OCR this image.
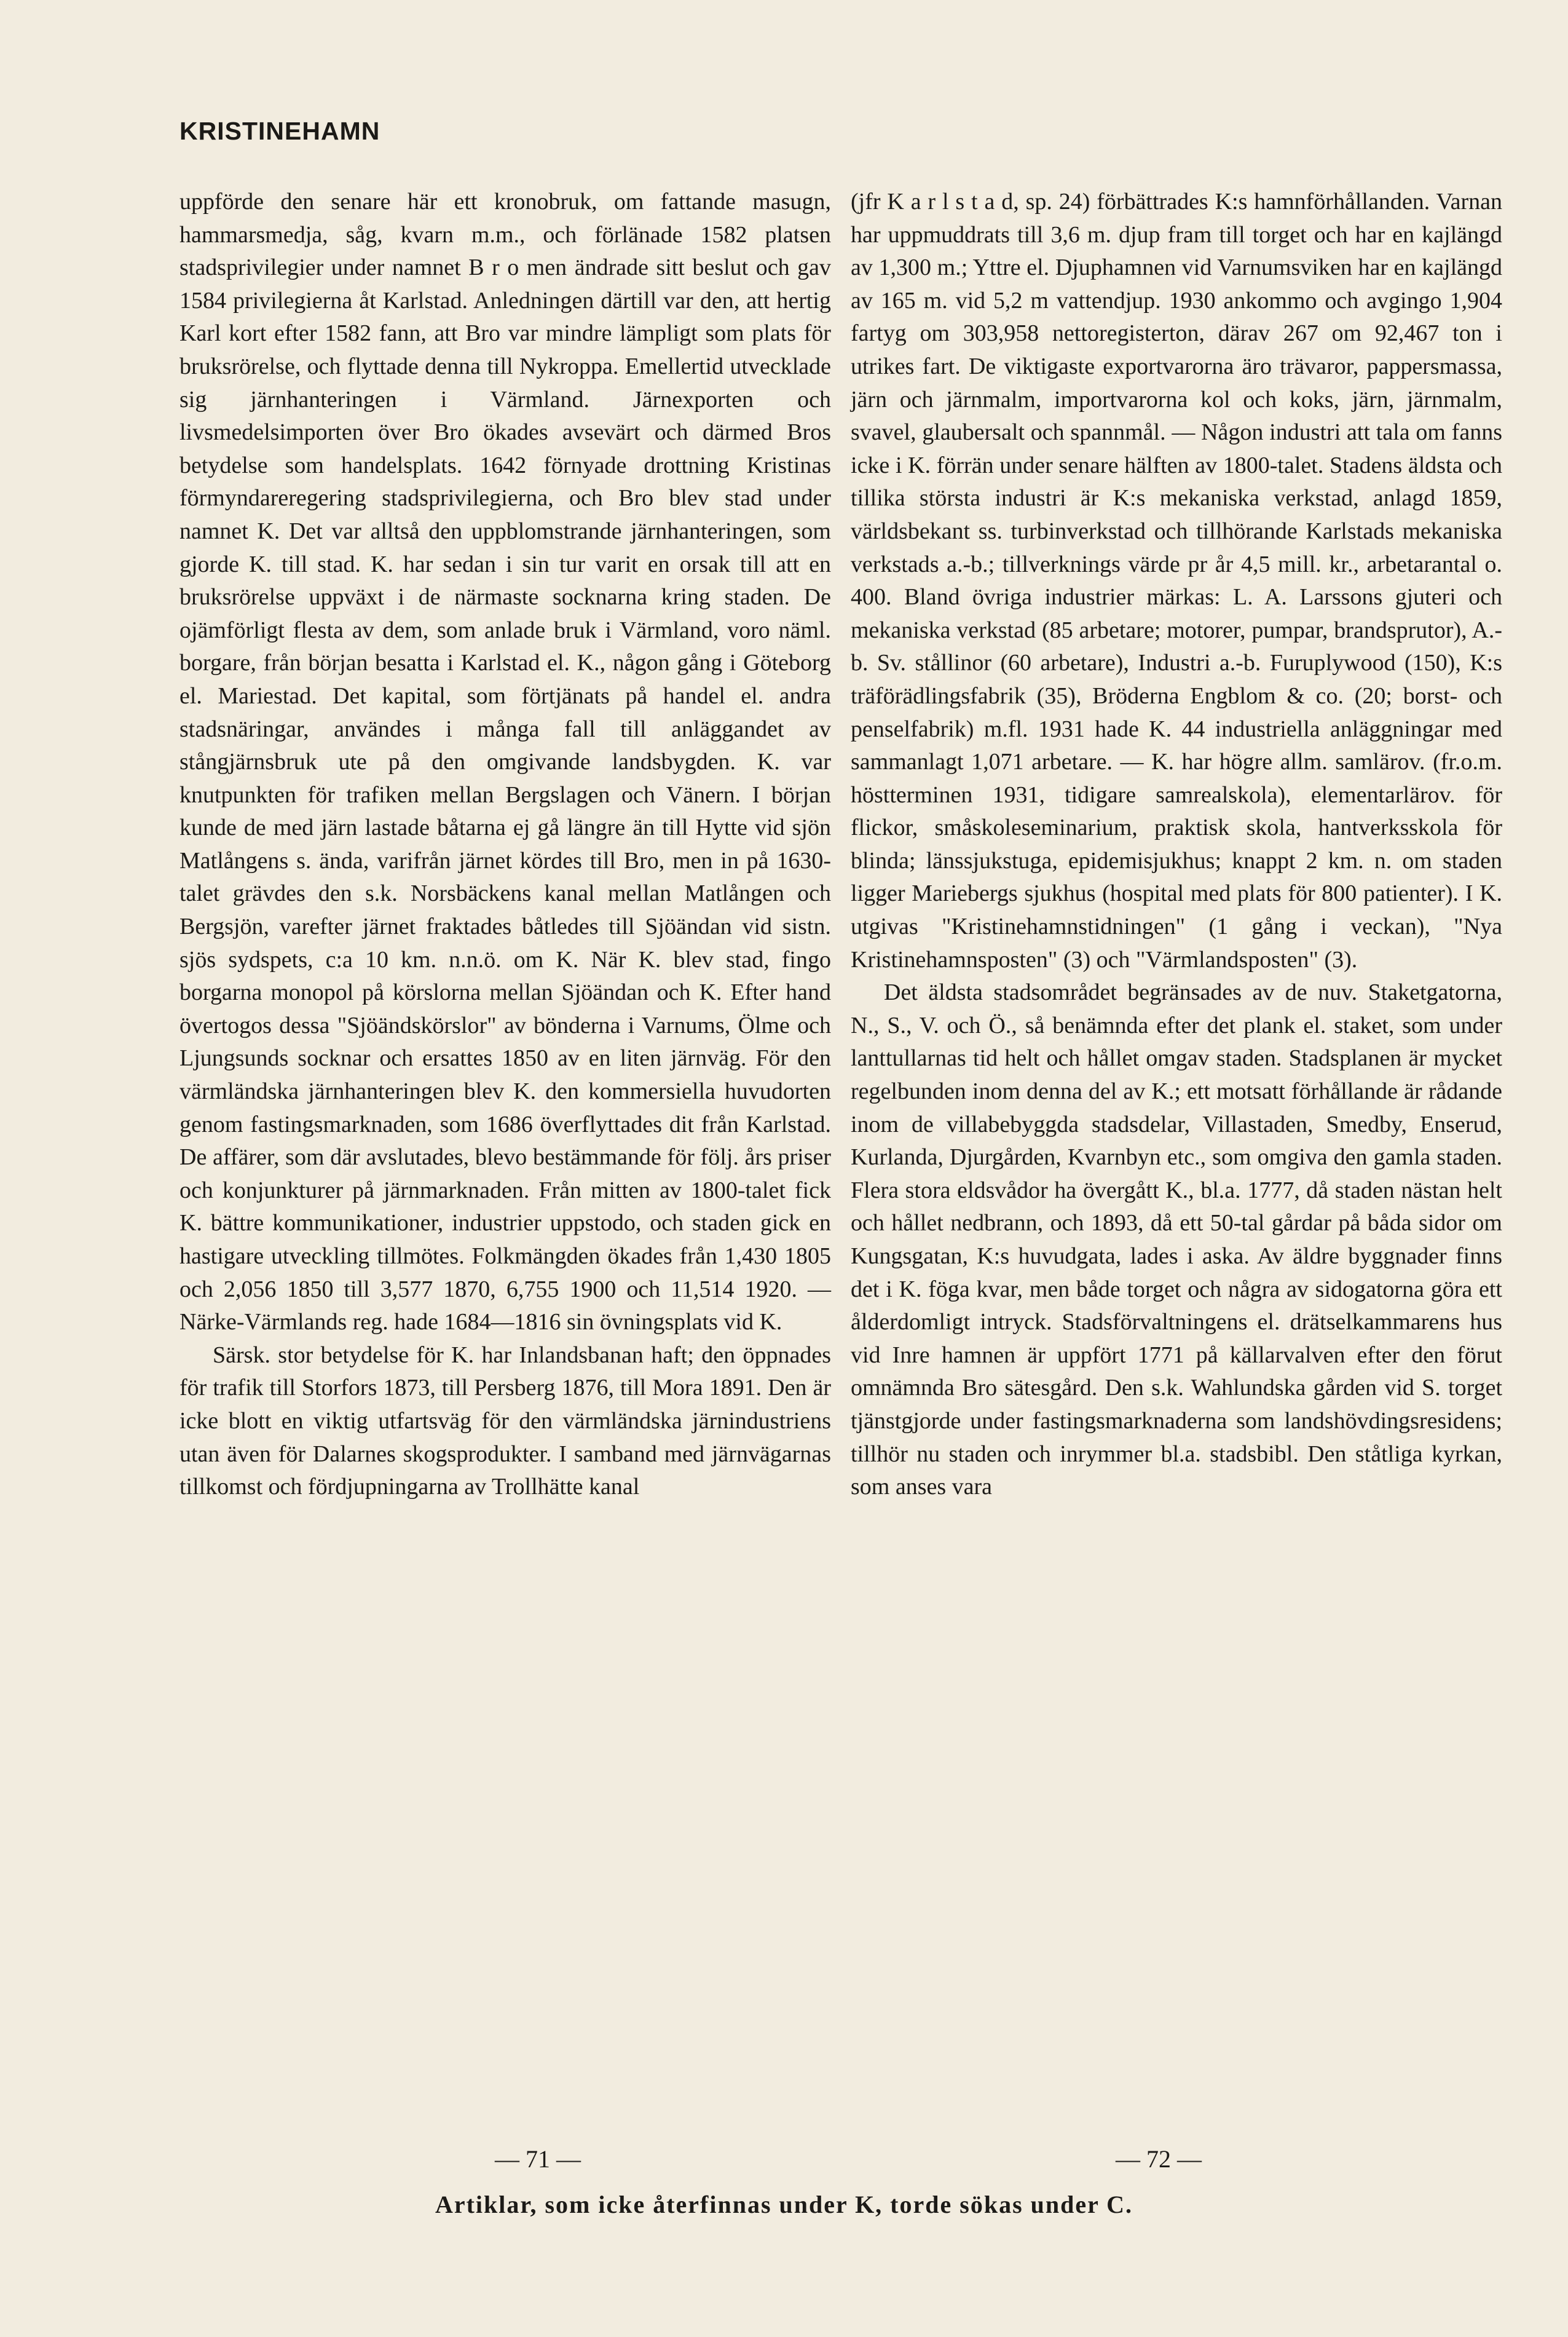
KRISTINEHAMN

uppförde den senare här ett kronobruk, om fattande masugn, hammarsmedja, såg, kvarn m.m., och förlänade 1582 platsen stadsprivilegier under namnet B r o men ändrade sitt beslut och gav 1584 privilegierna åt Karlstad. Anledningen därtill var den, att hertig Karl kort efter 1582 fann, att Bro var mindre lämpligt som plats för bruksrörelse, och flyttade denna till Nykroppa. Emellertid utvecklade sig järnhanteringen i Värmland. Järnexporten och livsmedelsimporten över Bro ökades avsevärt och därmed Bros betydelse som handelsplats. 1642 förnyade drottning Kristinas förmyndareregering stadsprivilegierna, och Bro blev stad under namnet K. Det var alltså den uppblomstrande järnhanteringen, som gjorde K. till stad. K. har sedan i sin tur varit en orsak till att en bruksrörelse uppväxt i de närmaste socknarna kring staden. De ojämförligt flesta av dem, som anlade bruk i Värmland, voro näml. borgare, från början besatta i Karlstad el. K., någon gång i Göteborg el. Mariestad. Det kapital, som förtjänats på handel el. andra stadsnäringar, användes i många fall till anläggandet av stångjärnsbruk ute på den omgivande landsbygden. K. var knutpunkten för trafiken mellan Bergslagen och Vänern. I början kunde de med järn lastade båtarna ej gå längre än till Hytte vid sjön Matlångens s. ända, varifrån järnet kördes till Bro, men in på 1630-talet grävdes den s.k. Norsbäckens kanal mellan Matlången och Bergsjön, varefter järnet fraktades båtledes till Sjöändan vid sistn. sjös sydspets, c:a 10 km. n.n.ö. om K. När K. blev stad, fingo borgarna monopol på körslorna mellan Sjöändan och K. Efter hand övertogos dessa "Sjöändskörslor" av bönderna i Varnums, Ölme och Ljungsunds socknar och ersattes 1850 av en liten järnväg. För den värmländska järnhanteringen blev K. den kommersiella huvudorten genom fastingsmarknaden, som 1686 överflyttades dit från Karlstad. De affärer, som där avslutades, blevo bestämmande för följ. års priser och konjunkturer på järnmarknaden. Från mitten av 1800-talet fick K. bättre kommunikationer, industrier uppstodo, och staden gick en hastigare utveckling tillmötes. Folkmängden ökades från 1,430 1805 och 2,056 1850 till 3,577 1870, 6,755 1900 och 11,514 1920. — Närke-Värmlands reg. hade 1684—1816 sin övningsplats vid K.

Särsk. stor betydelse för K. har Inlandsbanan haft; den öppnades för trafik till Storfors 1873, till Persberg 1876, till Mora 1891. Den är icke blott en viktig utfartsväg för den värmländska järnindustriens utan även för Dalarnes skogsprodukter. I samband med järnvägarnas tillkomst och fördjupningarna av Trollhätte kanal

(jfr K a r l s t a d, sp. 24) förbättrades K:s hamnförhållanden. Varnan har uppmuddrats till 3,6 m. djup fram till torget och har en kajlängd av 1,300 m.; Yttre el. Djuphamnen vid Varnumsviken har en kajlängd av 165 m. vid 5,2 m vattendjup. 1930 ankommo och avgingo 1,904 fartyg om 303,958 nettoregisterton, därav 267 om 92,467 ton i utrikes fart. De viktigaste exportvarorna äro trävaror, pappersmassa, järn och järnmalm, importvarorna kol och koks, järn, järnmalm, svavel, glaubersalt och spannmål. — Någon industri att tala om fanns icke i K. förrän under senare hälften av 1800-talet. Stadens äldsta och tillika största industri är K:s mekaniska verkstad, anlagd 1859, världsbekant ss. turbinverkstad och tillhörande Karlstads mekaniska verkstads a.-b.; tillverknings värde pr år 4,5 mill. kr., arbetarantal o. 400. Bland övriga industrier märkas: L. A. Larssons gjuteri och mekaniska verkstad (85 arbetare; motorer, pumpar, brandsprutor), A.-b. Sv. stållinor (60 arbetare), Industri a.-b. Furuplywood (150), K:s träförädlingsfabrik (35), Bröderna Engblom & co. (20; borst- och penselfabrik) m.fl. 1931 hade K. 44 industriella anläggningar med sammanlagt 1,071 arbetare. — K. har högre allm. samlärov. (fr.o.m. höstterminen 1931, tidigare samrealskola), elementarlärov. för flickor, småskoleseminarium, praktisk skola, hantverksskola för blinda; länssjukstuga, epidemisjukhus; knappt 2 km. n. om staden ligger Mariebergs sjukhus (hospital med plats för 800 patienter). I K. utgivas "Kristinehamnstidningen" (1 gång i veckan), "Nya Kristinehamnsposten" (3) och "Värmlandsposten" (3).

Det äldsta stadsområdet begränsades av de nuv. Staketgatorna, N., S., V. och Ö., så benämnda efter det plank el. staket, som under lanttullarnas tid helt och hållet omgav staden. Stadsplanen är mycket regelbunden inom denna del av K.; ett motsatt förhållande är rådande inom de villabebyggda stadsdelar, Villastaden, Smedby, Enserud, Kurlanda, Djurgården, Kvarnbyn etc., som omgiva den gamla staden. Flera stora eldsvådor ha övergått K., bl.a. 1777, då staden nästan helt och hållet nedbrann, och 1893, då ett 50-tal gårdar på båda sidor om Kungsgatan, K:s huvudgata, lades i aska. Av äldre byggnader finns det i K. föga kvar, men både torget och några av sidogatorna göra ett ålderdomligt intryck. Stadsförvaltningens el. drätselkammarens hus vid Inre hamnen är uppfört 1771 på källarvalven efter den förut omnämnda Bro sätesgård. Den s.k. Wahlundska gården vid S. torget tjänstgjorde under fastingsmarknaderna som landshövdingsresidens; tillhör nu staden och inrymmer bl.a. stadsbibl. Den ståtliga kyrkan, som anses vara

— 71 —	— 72 —
Artiklar, som icke återfinnas under K, torde sökas under C.
